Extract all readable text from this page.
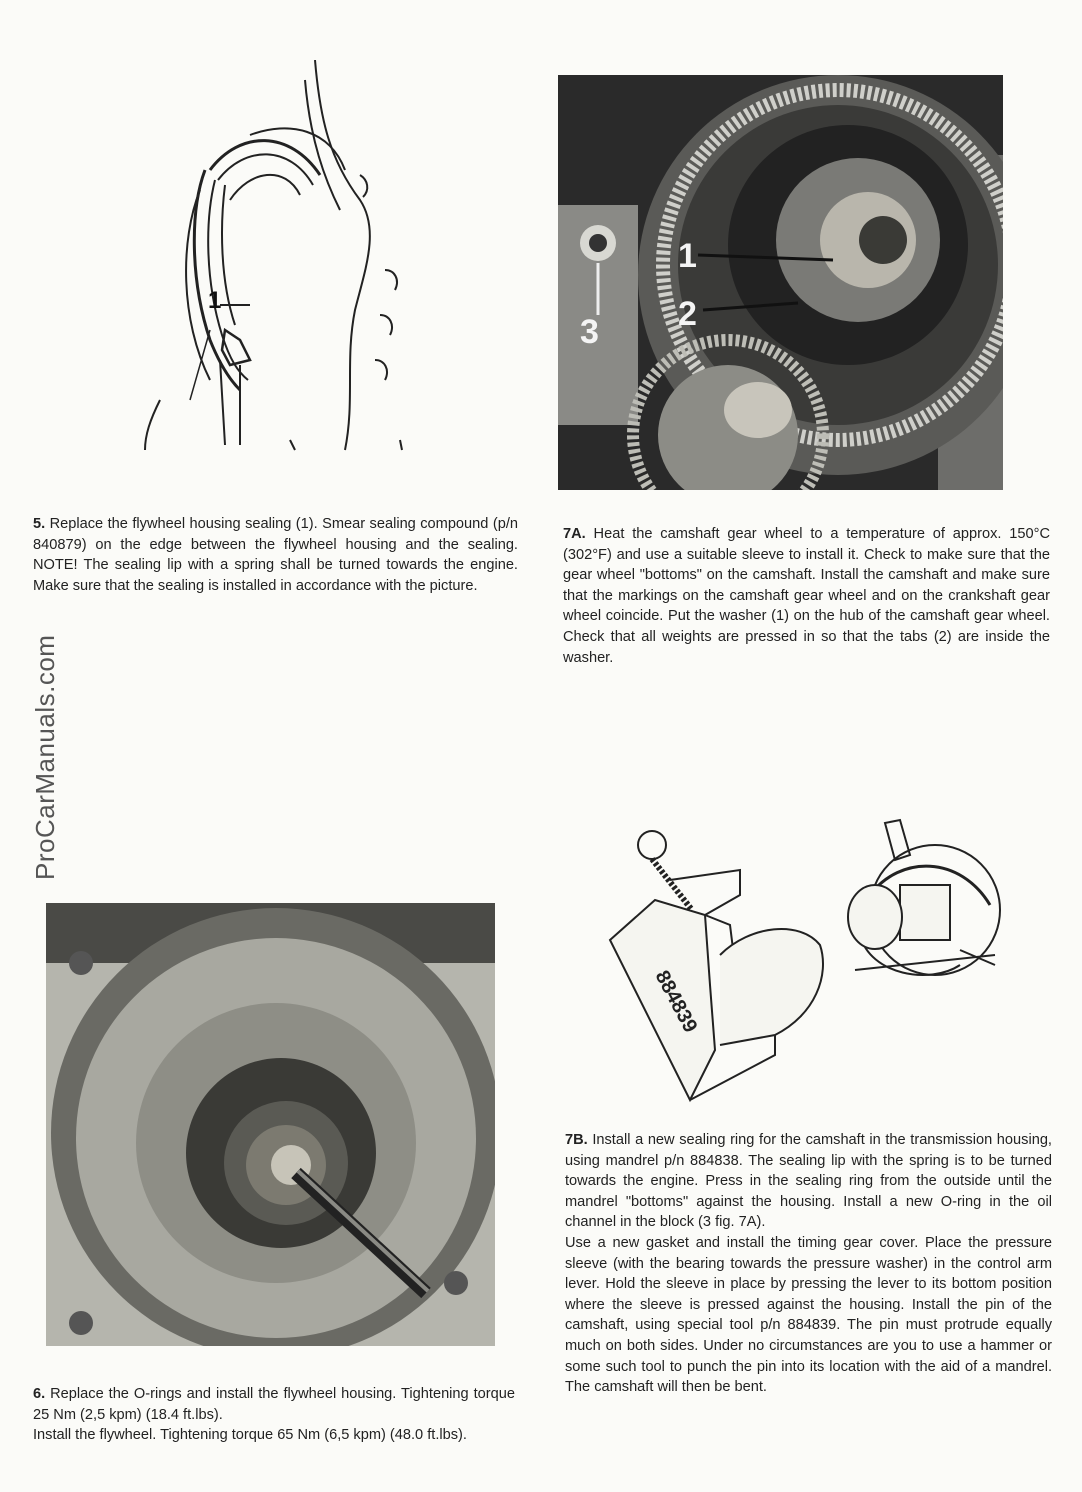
ProCarManuals.com
1
1
2
3

5. Replace the flywheel housing sealing (1). Smear sealing compound (p/n 840879) on the edge between the flywheel housing and the sealing. NOTE! The sealing lip with a spring shall be turned towards the engine. Make sure that the sealing is installed in accordance with the picture.

7A. Heat the camshaft gear wheel to a temperature of approx. 150°C (302°F) and use a suitable sleeve to install it. Check to make sure that the gear wheel "bottoms" on the camshaft. Install the camshaft and make sure that the markings on the camshaft gear wheel and on the crankshaft gear wheel coincide. Put the washer (1) on the hub of the camshaft gear wheel. Check that all weights are pressed in so that the tabs (2) are inside the washer.

884839

6. Replace the O-rings and install the flywheel housing. Tightening torque 25 Nm (2,5 kpm) (18.4 ft.lbs).

Install the flywheel. Tightening torque 65 Nm (6,5 kpm) (48.0 ft.lbs).

7B. Install a new sealing ring for the camshaft in the transmission housing, using mandrel p/n 884838. The sealing lip with the spring is to be turned towards the engine. Press in the sealing ring from the outside until the mandrel "bottoms" against the housing. Install a new O-ring in the oil channel in the block (3 fig. 7A).

Use a new gasket and install the timing gear cover. Place the pressure sleeve (with the bearing towards the pressure washer) in the control arm lever. Hold the sleeve in place by pressing the lever to its bottom position where the sleeve is pressed against the housing. Install the pin of the camshaft, using special tool p/n 884839. The pin must protrude equally much on both sides. Under no circumstances are you to use a hammer or some such tool to punch the pin into its location with the aid of a mandrel. The camshaft will then be bent.
